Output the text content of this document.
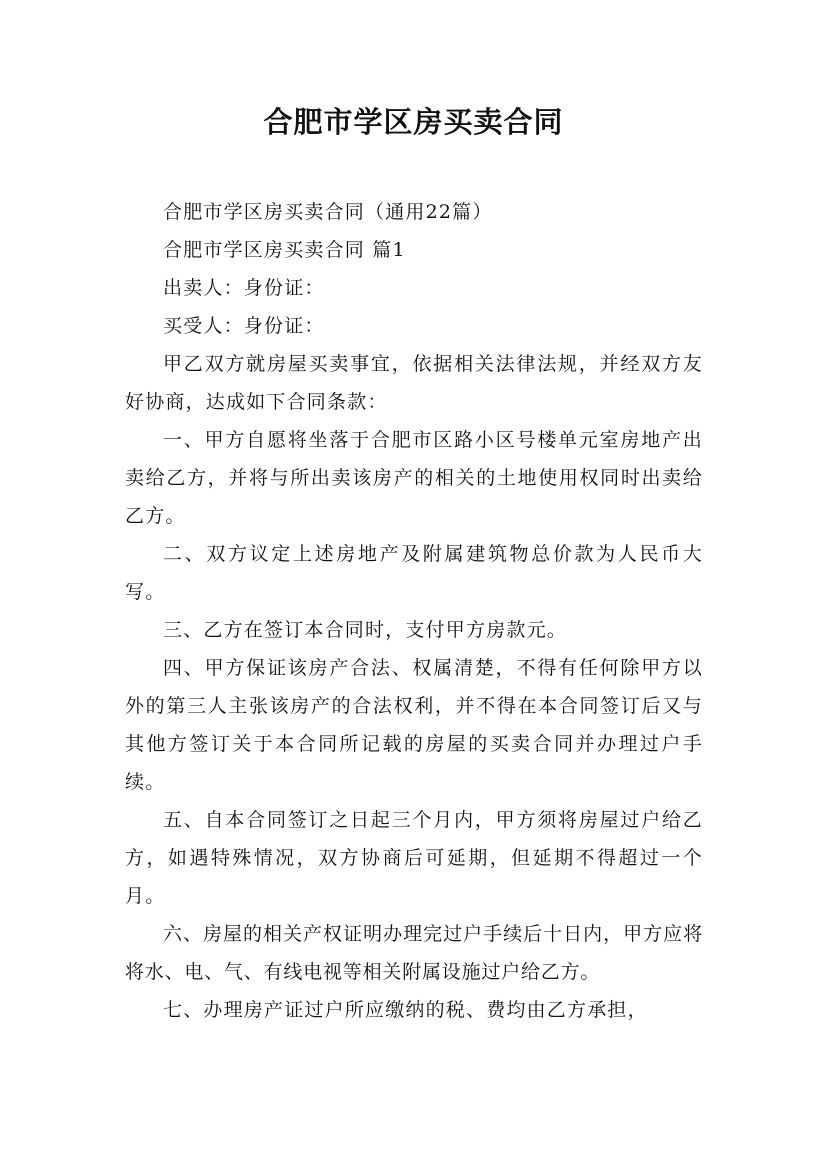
合肥市学区房买卖合同

合肥市学区房买卖合同（通用22篇）

合肥市学区房买卖合同 篇1

出卖人：身份证：

买受人：身份证：

甲乙双方就房屋买卖事宜，依据相关法律法规，并经双方友好协商，达成如下合同条款：

一、甲方自愿将坐落于合肥市区路小区号楼单元室房地产出卖给乙方，并将与所出卖该房产的相关的土地使用权同时出卖给乙方。

二、双方议定上述房地产及附属建筑物总价款为人民币大写。

三、乙方在签订本合同时，支付甲方房款元。

四、甲方保证该房产合法、权属清楚，不得有任何除甲方以外的第三人主张该房产的合法权利，并不得在本合同签订后又与其他方签订关于本合同所记载的房屋的买卖合同并办理过户手续。

五、自本合同签订之日起三个月内，甲方须将房屋过户给乙方，如遇特殊情况，双方协商后可延期，但延期不得超过一个月。

六、房屋的相关产权证明办理完过户手续后十日内，甲方应将将水、电、气、有线电视等相关附属设施过户给乙方。

七、办理房产证过户所应缴纳的税、费均由乙方承担，
